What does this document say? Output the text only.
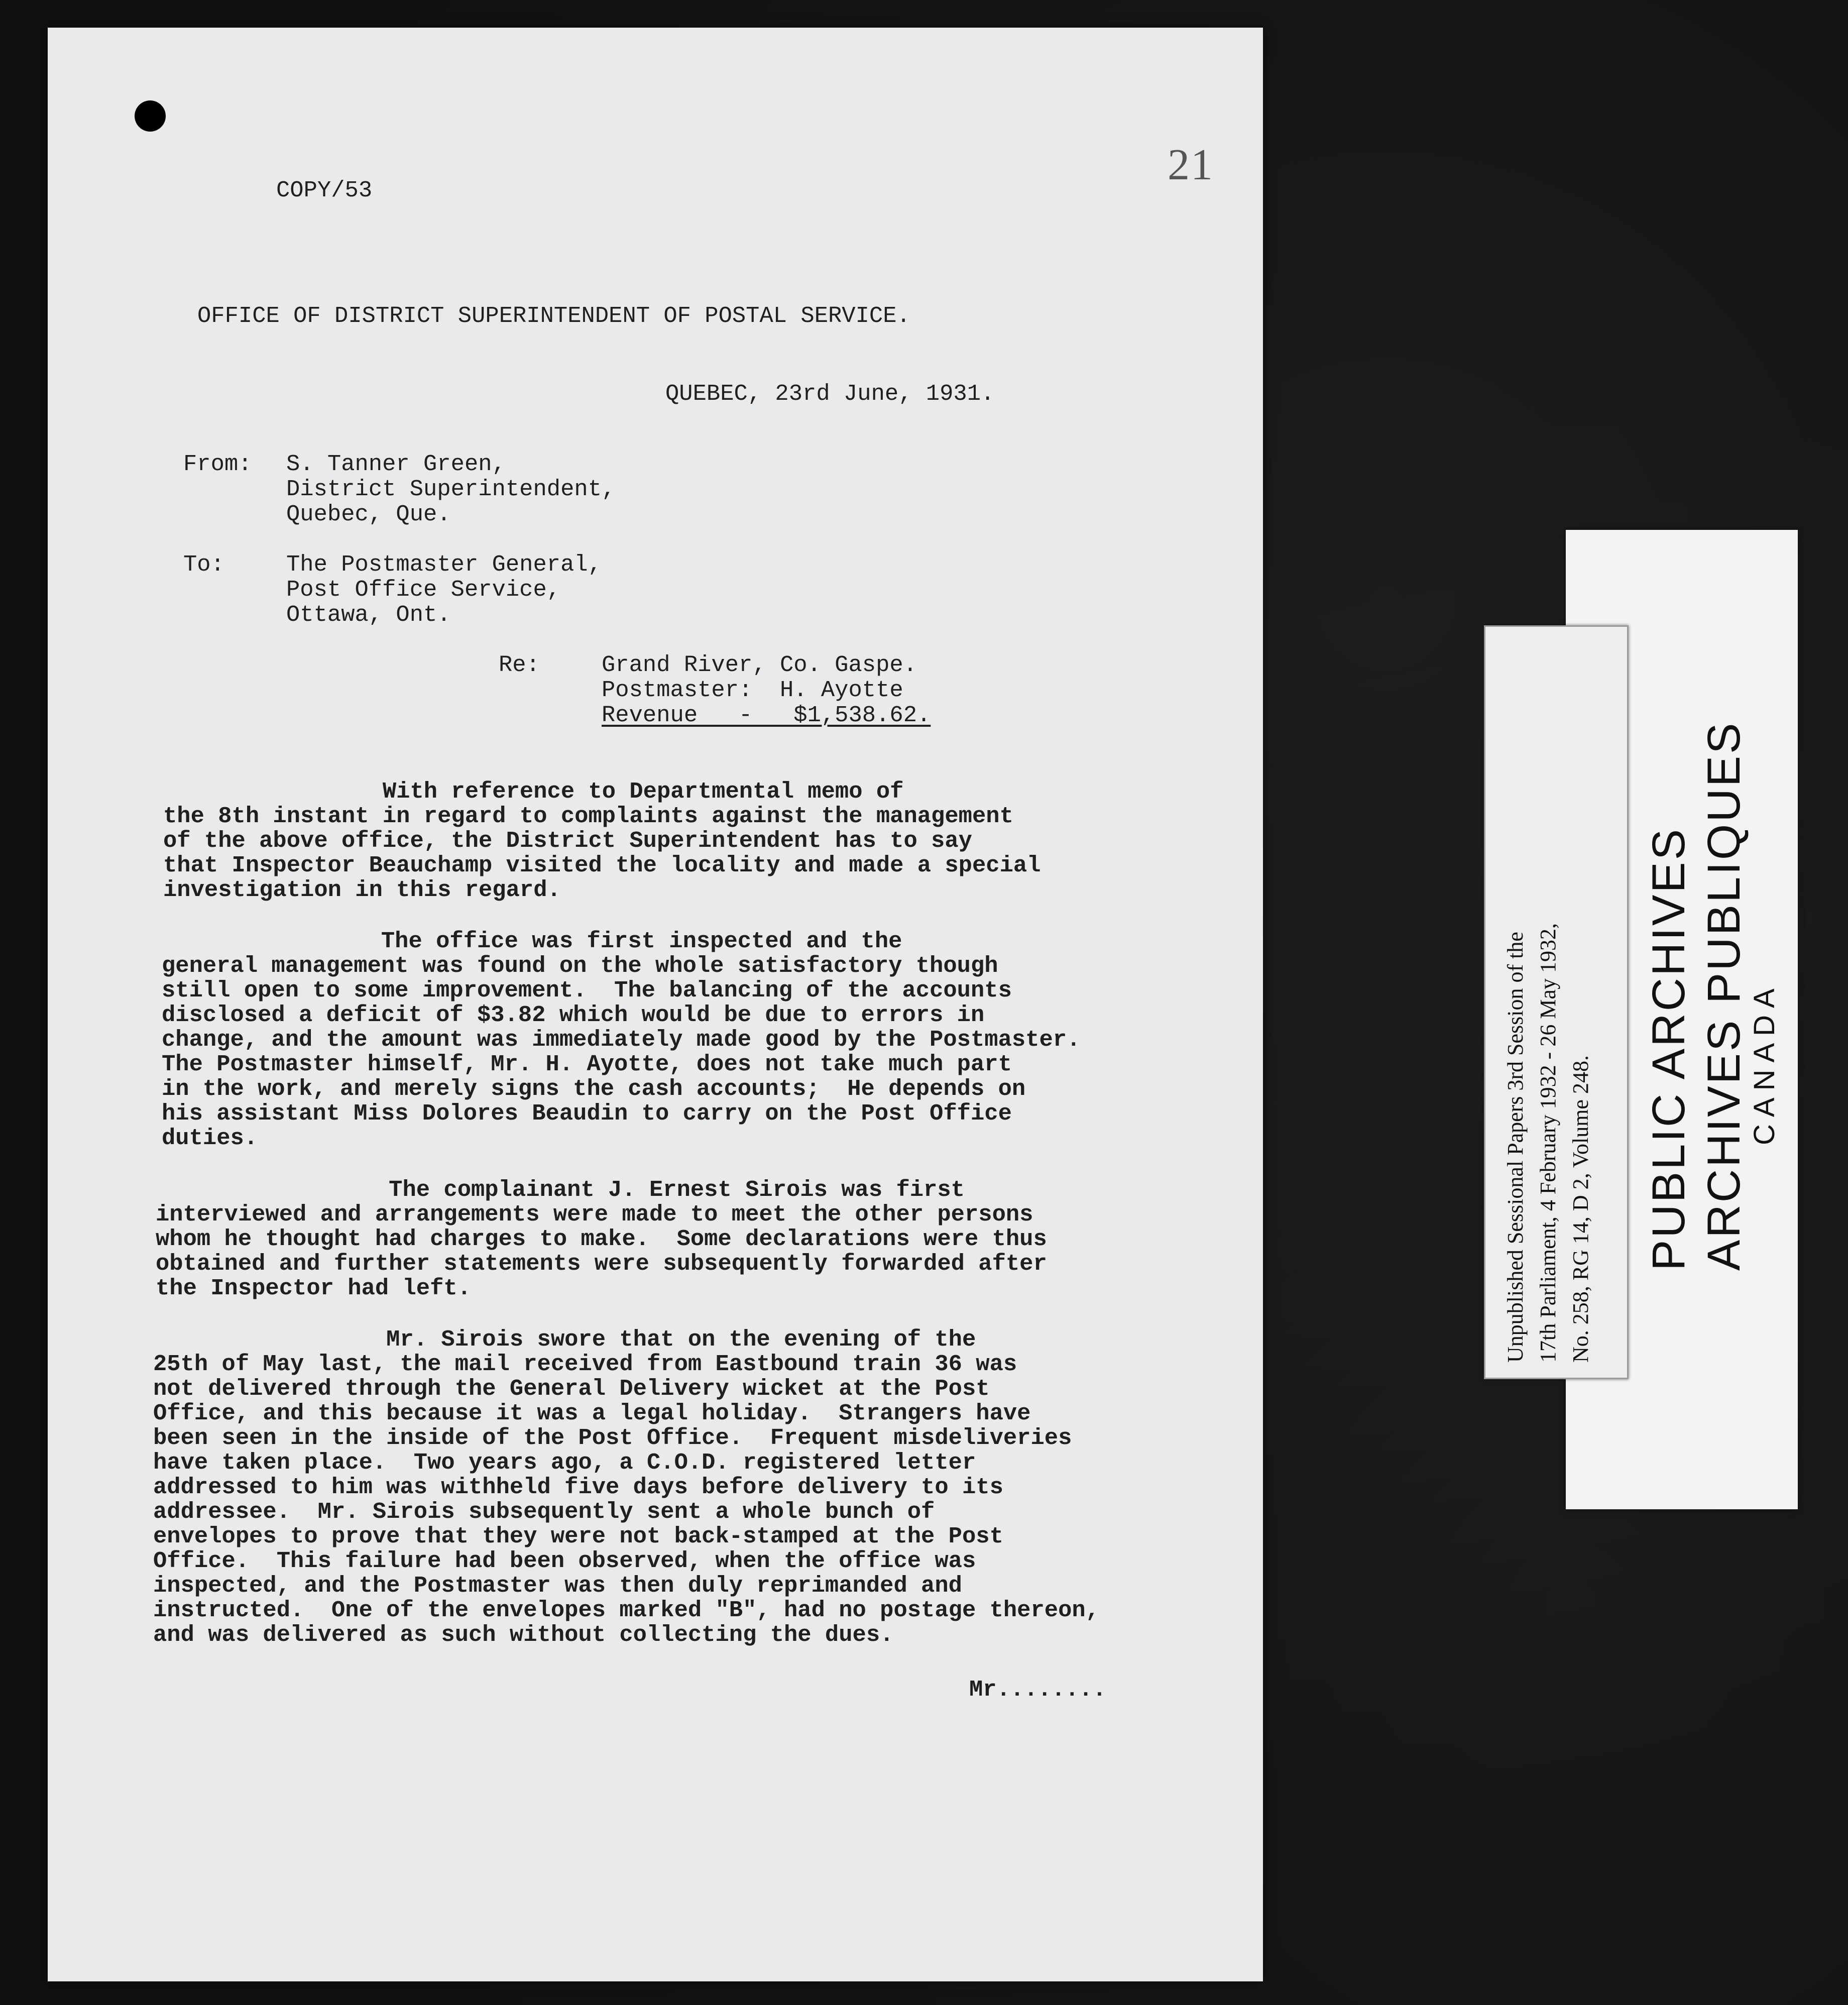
21

COPY/53

OFFICE OF DISTRICT SUPERINTENDENT OF POSTAL SERVICE.

QUEBEC, 23rd June, 1931.

From: S. Tanner Green,

District Superintendent,

Quebec, Que.

To:	The Postmaster General,

Post Office Service,

Ottawa, Ont.

Re:	Grand River, Co. Gaspe.

Postmaster:  H. Ayotte

Revenue   -   $1,538.62.

With reference to Departmental memo of
the 8th instant in regard to complaints against the management
of the above office, the District Superintendent has to say
that Inspector Beauchamp visited the locality and made a special
investigation in this regard.
The office was first inspected and the
general management was found on the whole satisfactory though
still open to some improvement.  The balancing of the accounts
disclosed a deficit of $3.82 which would be due to errors in
change, and the amount was immediately made good by the Postmaster.
The Postmaster himself, Mr. H. Ayotte, does not take much part
in the work, and merely signs the cash accounts;  He depends on
his assistant Miss Dolores Beaudin to carry on the Post Office
duties.
The complainant J. Ernest Sirois was first
interviewed and arrangements were made to meet the other persons
whom he thought had charges to make.  Some declarations were thus
obtained and further statements were subsequently forwarded after
the Inspector had left.
Mr. Sirois swore that on the evening of the
25th of May last, the mail received from Eastbound train 36 was
not delivered through the General Delivery wicket at the Post
Office, and this because it was a legal holiday.  Strangers have
been seen in the inside of the Post Office.  Frequent misdeliveries
have taken place.  Two years ago, a C.O.D. registered letter
addressed to him was withheld five days before delivery to its
addressee.  Mr. Sirois subsequently sent a whole bunch of
envelopes to prove that they were not back-stamped at the Post
Office.  This failure had been observed, when the office was
inspected, and the Postmaster was then duly reprimanded and
instructed.  One of the envelopes marked "B", had no postage thereon,
and was delivered as such without collecting the dues.

Mr........

PUBLIC ARCHIVES ARCHIVES PUBLIQUES
CANADA
Unpublished Sessional Papers 3rd Session of the 17th Parliament, 4 February 1932 - 26 May 1932, No. 258, RG 14, D 2, Volume 248.
